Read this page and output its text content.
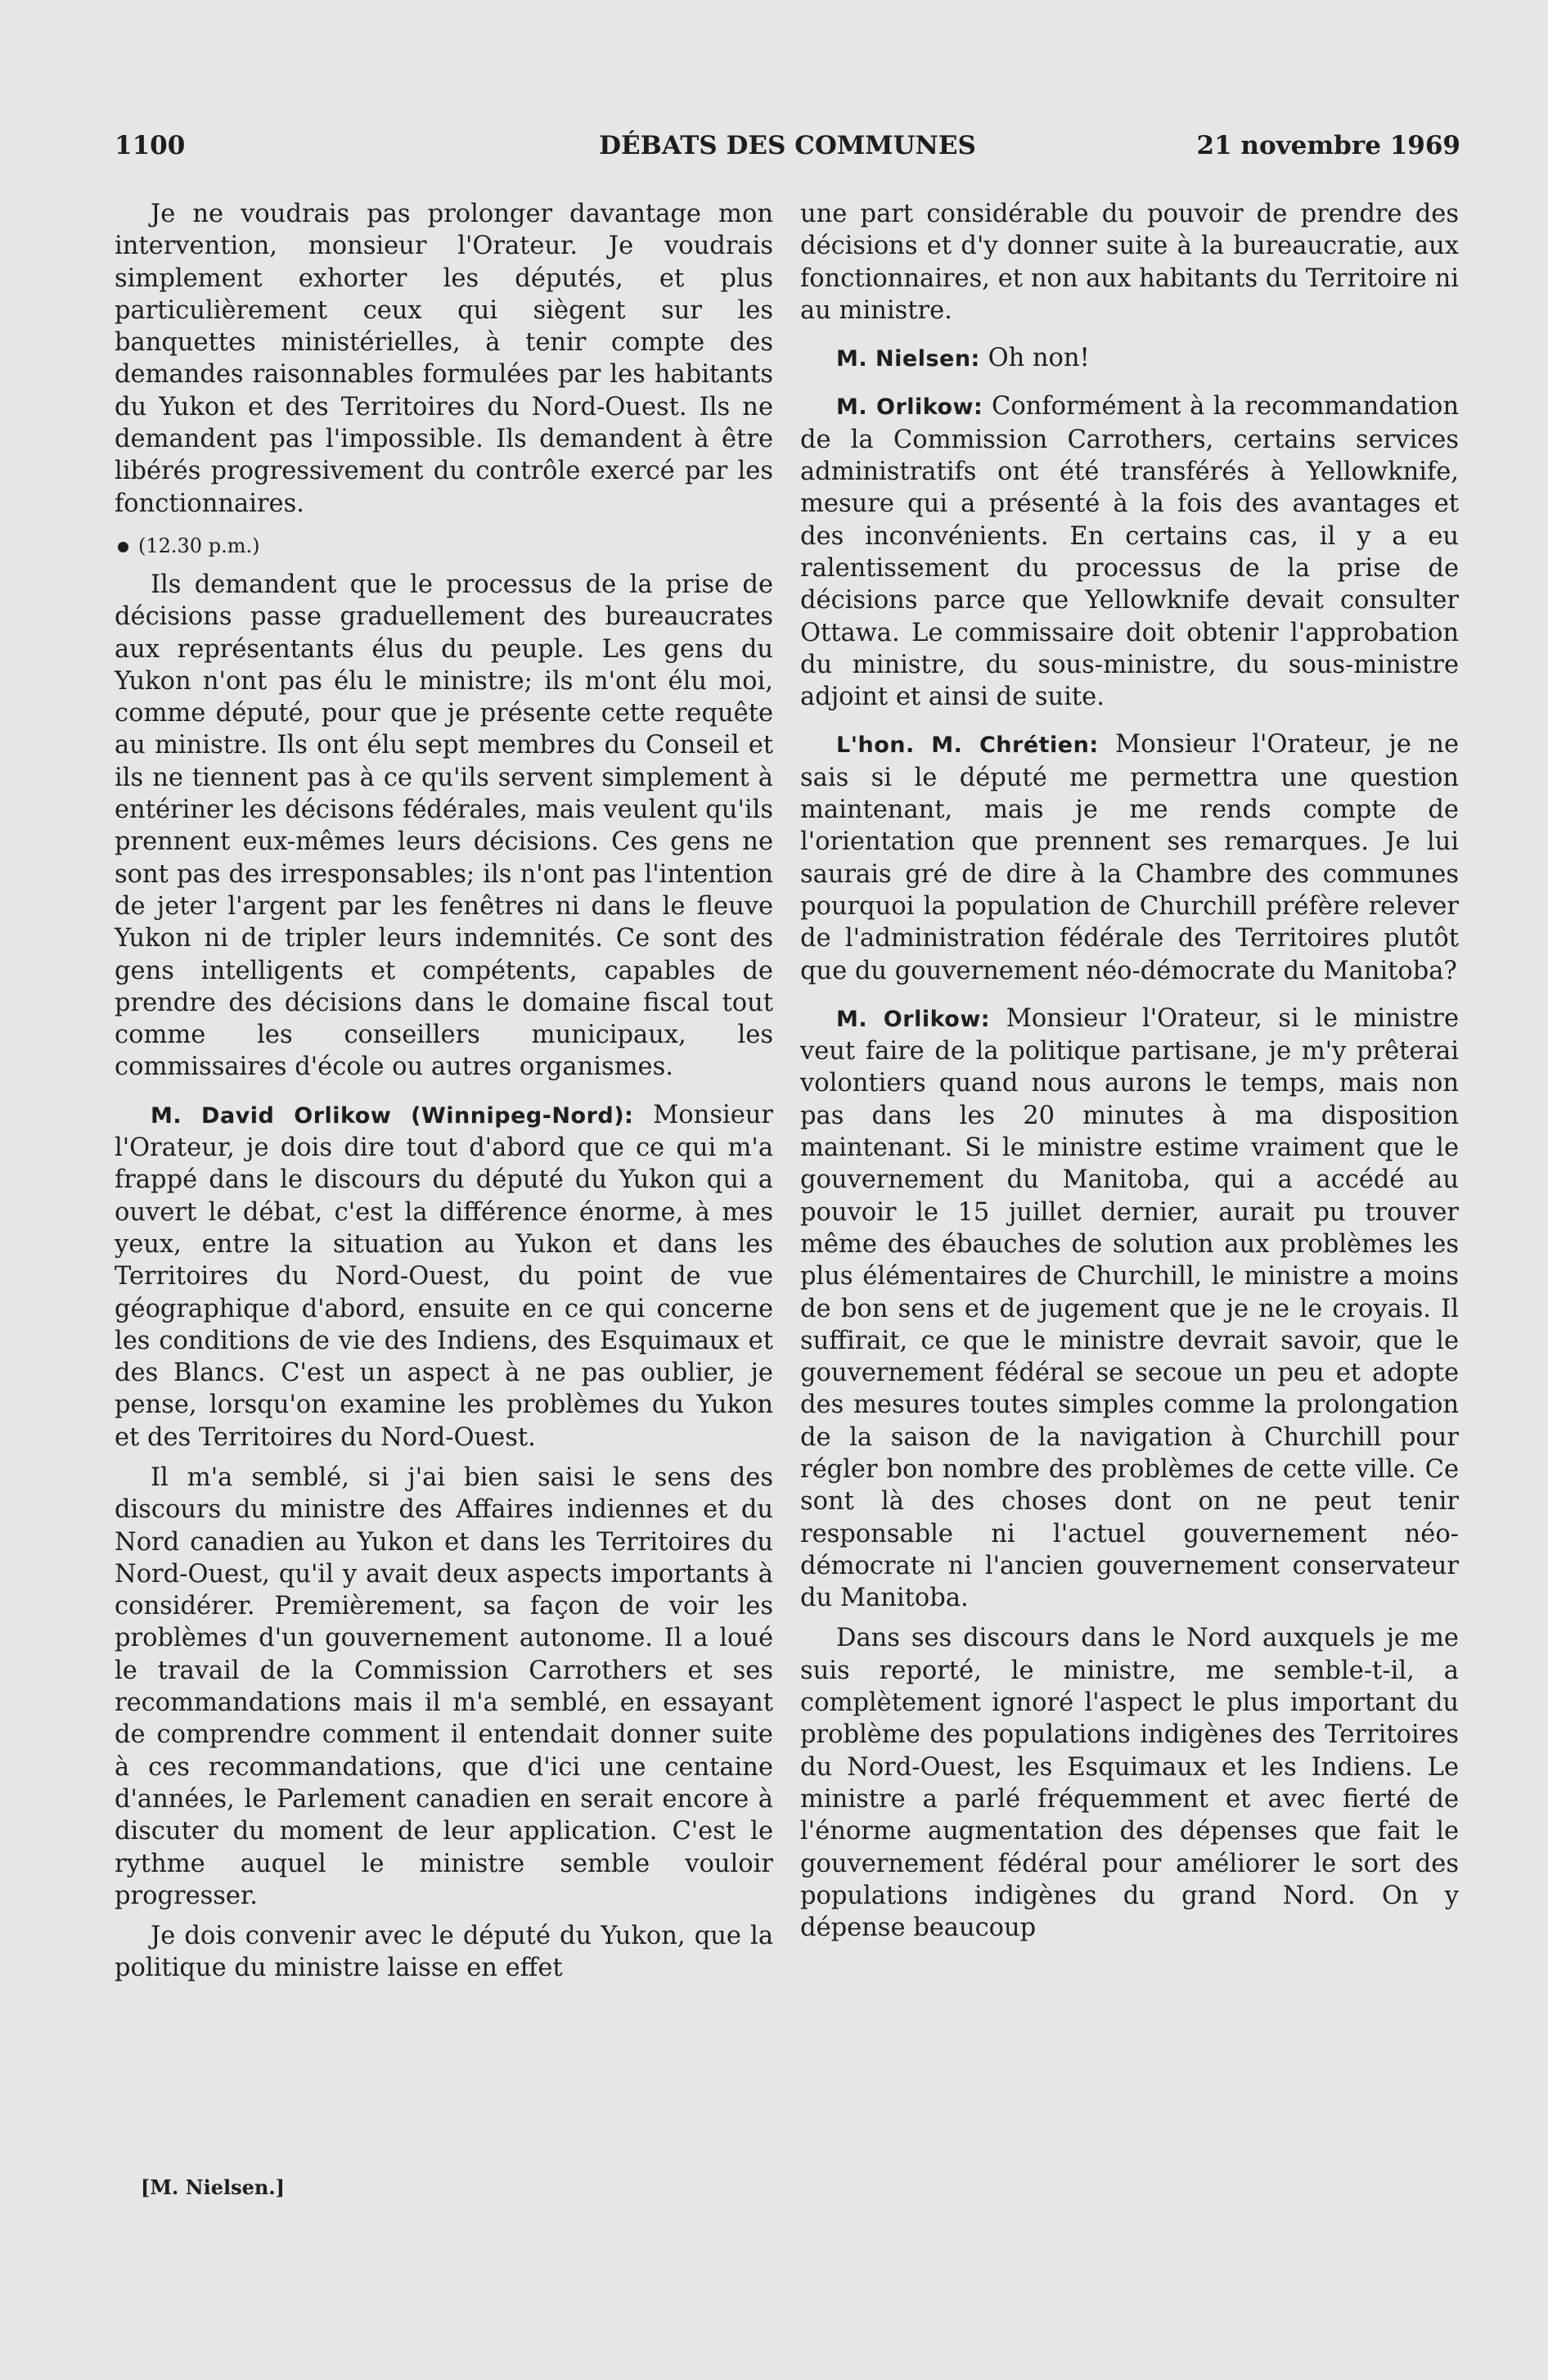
1100	DÉBATS DES COMMUNES	21 novembre 1969

Je ne voudrais pas prolonger davantage mon intervention, monsieur l'Orateur. Je voudrais simplement exhorter les députés, et plus particulièrement ceux qui siègent sur les banquettes ministérielles, à tenir compte des demandes raisonnables formulées par les habitants du Yukon et des Territoires du Nord-Ouest. Ils ne demandent pas l'impossible. Ils demandent à être libérés progressivement du contrôle exercé par les fonctionnaires.

(12.30 p.m.)

Ils demandent que le processus de la prise de décisions passe graduellement des bureaucrates aux représentants élus du peuple. Les gens du Yukon n'ont pas élu le ministre; ils m'ont élu moi, comme député, pour que je présente cette requête au ministre. Ils ont élu sept membres du Conseil et ils ne tiennent pas à ce qu'ils servent simplement à entériner les décisons fédérales, mais veulent qu'ils prennent eux-mêmes leurs décisions. Ces gens ne sont pas des irresponsables; ils n'ont pas l'intention de jeter l'argent par les fenêtres ni dans le fleuve Yukon ni de tripler leurs indemnités. Ce sont des gens intelligents et compétents, capables de prendre des décisions dans le domaine fiscal tout comme les conseillers municipaux, les commissaires d'école ou autres organismes.

M. David Orlikow (Winnipeg-Nord): Monsieur l'Orateur, je dois dire tout d'abord que ce qui m'a frappé dans le discours du député du Yukon qui a ouvert le débat, c'est la différence énorme, à mes yeux, entre la situation au Yukon et dans les Territoires du Nord-Ouest, du point de vue géographique d'abord, ensuite en ce qui concerne les conditions de vie des Indiens, des Esquimaux et des Blancs. C'est un aspect à ne pas oublier, je pense, lorsqu'on examine les problèmes du Yukon et des Territoires du Nord-Ouest.

Il m'a semblé, si j'ai bien saisi le sens des discours du ministre des Affaires indiennes et du Nord canadien au Yukon et dans les Territoires du Nord-Ouest, qu'il y avait deux aspects importants à considérer. Premièrement, sa façon de voir les problèmes d'un gouvernement autonome. Il a loué le travail de la Commission Carrothers et ses recommandations mais il m'a semblé, en essayant de comprendre comment il entendait donner suite à ces recommandations, que d'ici une centaine d'années, le Parlement canadien en serait encore à discuter du moment de leur application. C'est le rythme auquel le ministre semble vouloir progresser.

Je dois convenir avec le député du Yukon, que la politique du ministre laisse en effet

[M. Nielsen.]

une part considérable du pouvoir de prendre des décisions et d'y donner suite à la bureaucratie, aux fonctionnaires, et non aux habitants du Territoire ni au ministre.

M. Nielsen: Oh non!

M. Orlikow: Conformément à la recommandation de la Commission Carrothers, certains services administratifs ont été transférés à Yellowknife, mesure qui a présenté à la fois des avantages et des inconvénients. En certains cas, il y a eu ralentissement du processus de la prise de décisions parce que Yellowknife devait consulter Ottawa. Le commissaire doit obtenir l'approbation du ministre, du sous-ministre, du sous-ministre adjoint et ainsi de suite.

L'hon. M. Chrétien: Monsieur l'Orateur, je ne sais si le député me permettra une question maintenant, mais je me rends compte de l'orientation que prennent ses remarques. Je lui saurais gré de dire à la Chambre des communes pourquoi la population de Churchill préfère relever de l'administration fédérale des Territoires plutôt que du gouvernement néo-démocrate du Manitoba?

M. Orlikow: Monsieur l'Orateur, si le ministre veut faire de la politique partisane, je m'y prêterai volontiers quand nous aurons le temps, mais non pas dans les 20 minutes à ma disposition maintenant. Si le ministre estime vraiment que le gouvernement du Manitoba, qui a accédé au pouvoir le 15 juillet dernier, aurait pu trouver même des ébauches de solution aux problèmes les plus élémentaires de Churchill, le ministre a moins de bon sens et de jugement que je ne le croyais. Il suffirait, ce que le ministre devrait savoir, que le gouvernement fédéral se secoue un peu et adopte des mesures toutes simples comme la prolongation de la saison de la navigation à Churchill pour régler bon nombre des problèmes de cette ville. Ce sont là des choses dont on ne peut tenir responsable ni l'actuel gouvernement néo-démocrate ni l'ancien gouvernement conservateur du Manitoba.

Dans ses discours dans le Nord auxquels je me suis reporté, le ministre, me semble-t-il, a complètement ignoré l'aspect le plus important du problème des populations indigènes des Territoires du Nord-Ouest, les Esquimaux et les Indiens. Le ministre a parlé fréquemment et avec fierté de l'énorme augmentation des dépenses que fait le gouvernement fédéral pour améliorer le sort des populations indigènes du grand Nord. On y dépense beaucoup
